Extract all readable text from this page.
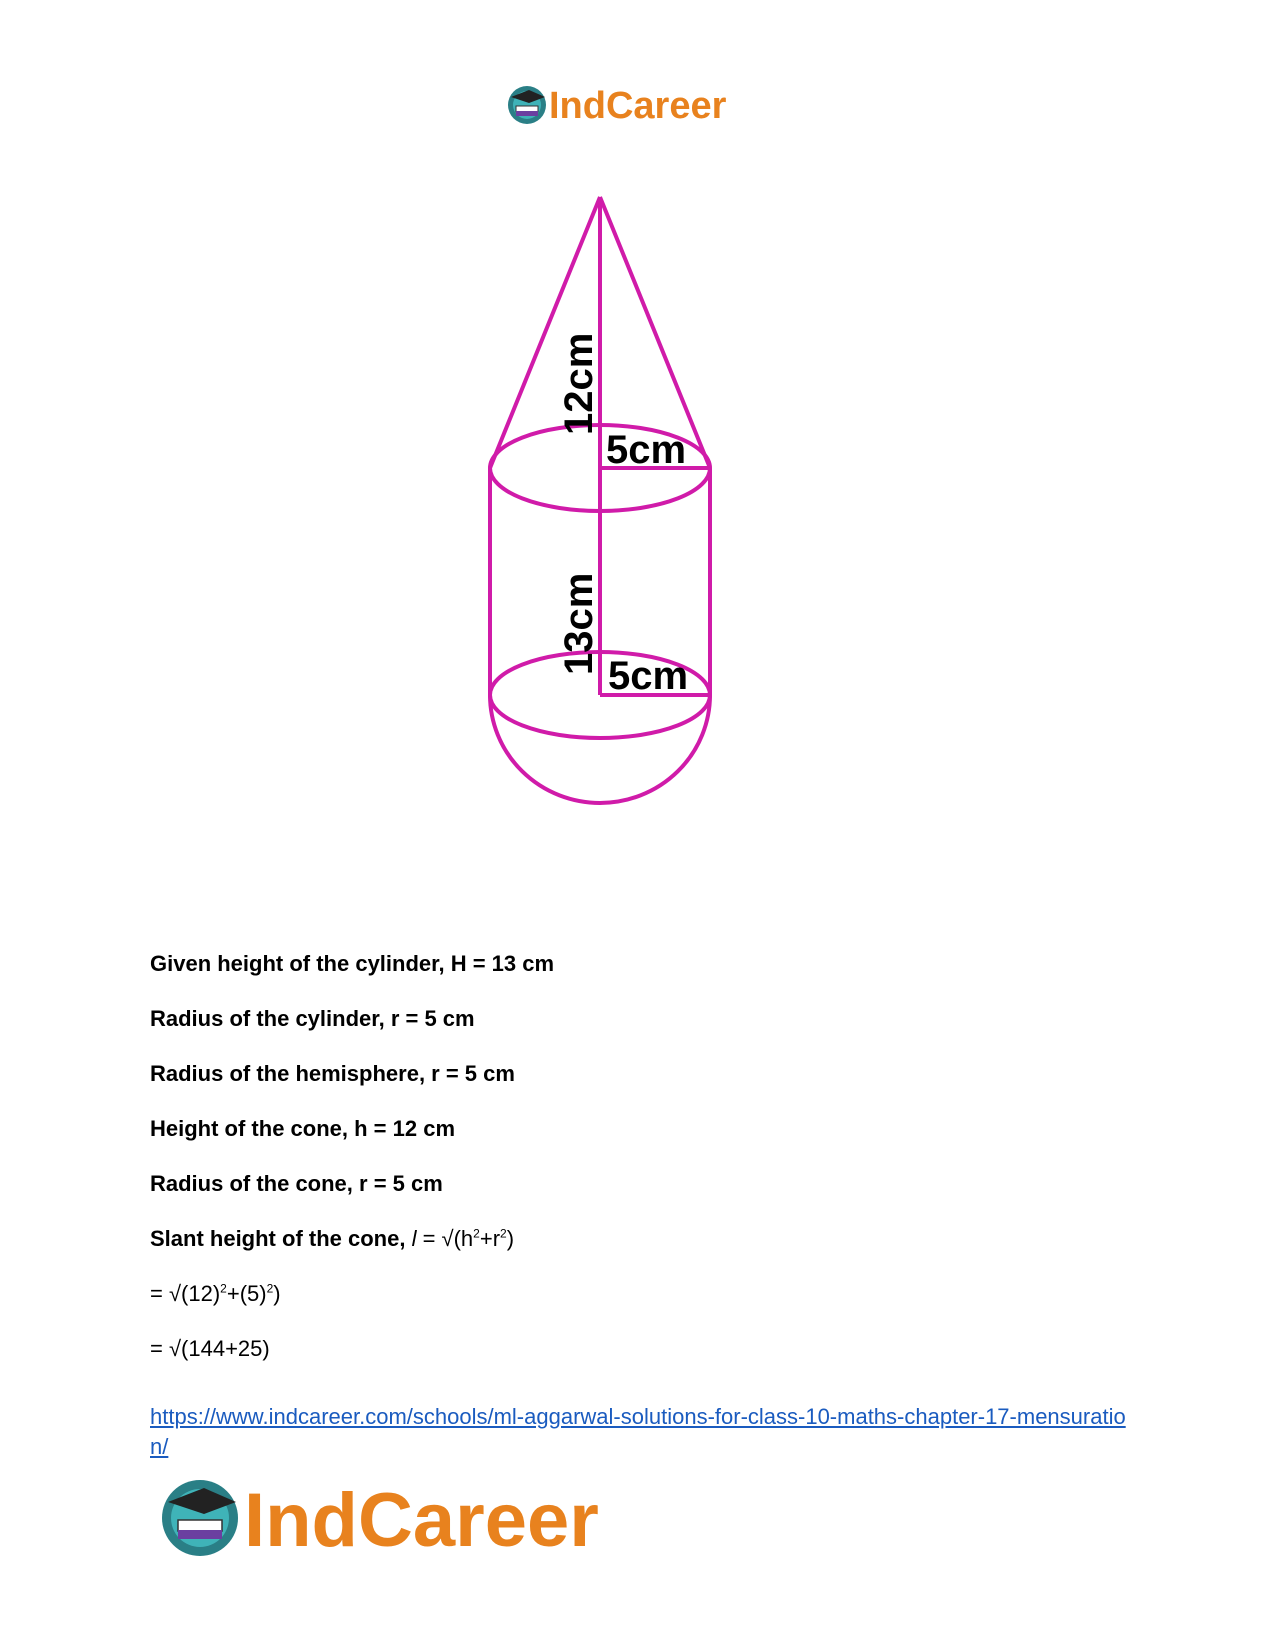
IndCareer
12cm
5cm
13cm
5cm
Given height of the cylinder, H = 13 cm
Radius of the cylinder, r = 5 cm
Radius of the hemisphere, r = 5 cm
Height of the cone, h = 12 cm
Radius of the cone, r = 5 cm
Slant height of the cone, $l = √(h^2+r^2)$
= $√(12)^2+(5)^2$)
= √(144+25)
https://www.indcareer.com/schools/ml-aggarwal-solutions-for-class-10-maths-chapter-17-mensuration/
IndCareer
